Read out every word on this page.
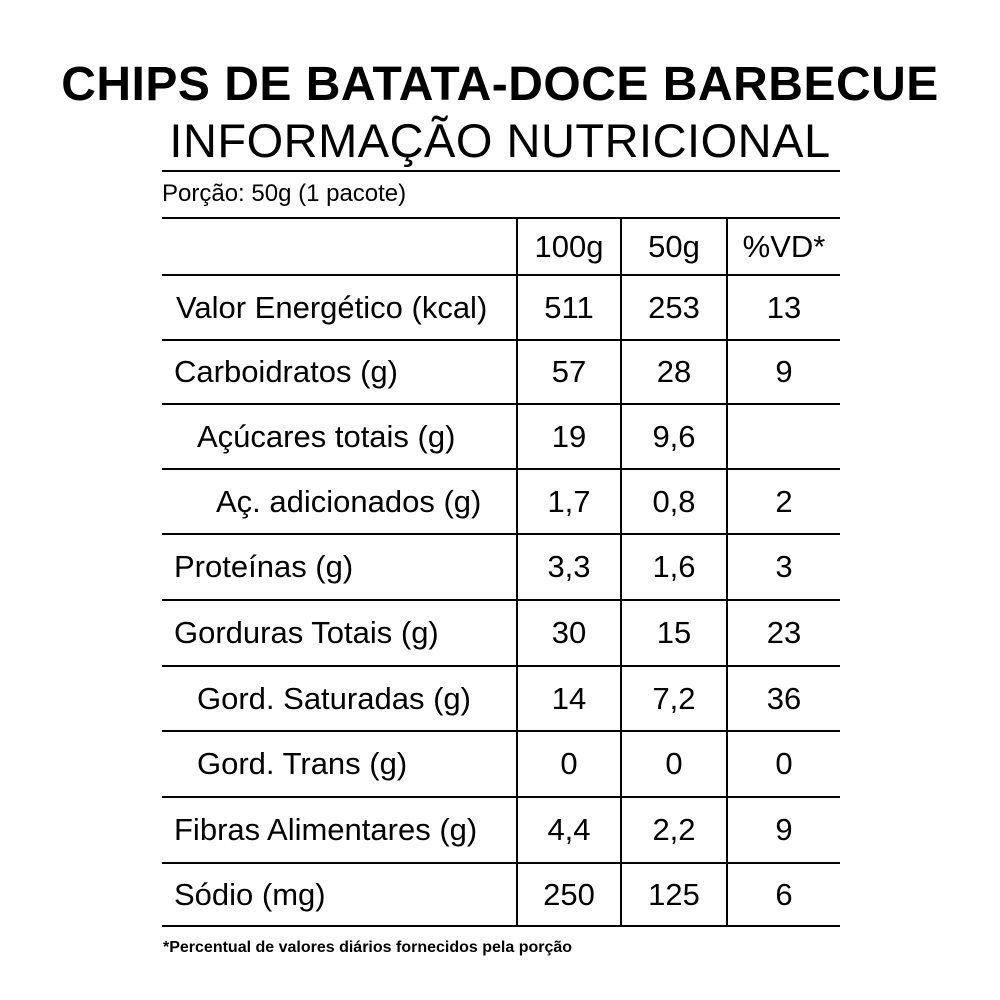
CHIPS DE BATATA-DOCE BARBECUE
INFORMAÇÃO NUTRICIONAL
Porção: 50g (1 pacote)
100g	50g	%VD*
Valor Energético (kcal)	511	253	13
Carboidratos (g)	57	28	9
Açúcares totais (g)	19	9,6
Aç. adicionados (g)	1,7	0,8	2
Proteínas (g)	3,3	1,6	3
Gorduras Totais (g)	30	15	23
Gord. Saturadas (g)	14	7,2	36
Gord. Trans (g)	0	0	0
Fibras Alimentares (g)	4,4	2,2	9
Sódio (mg)	250	125	6
*Percentual de valores diários fornecidos pela porção
